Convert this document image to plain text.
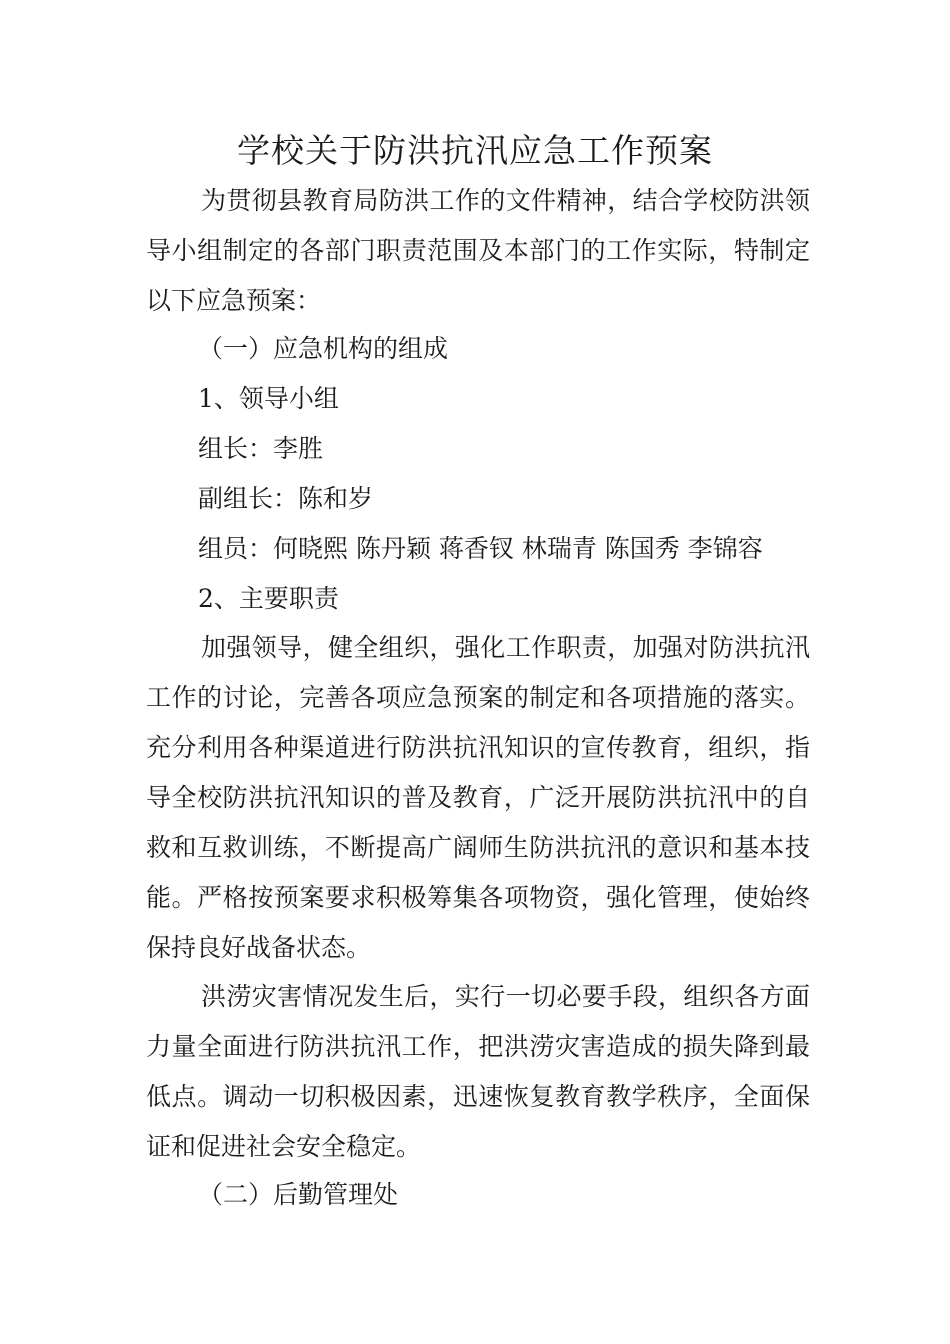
学校关于防洪抗汛应急工作预案

为贯彻县教育局防洪工作的文件精神，结合学校防洪领导小组制定的各部门职责范围及本部门的工作实际，特制定以下应急预案：

（一）应急机构的组成

1、领导小组

组长：李胜

副组长：陈和岁

组员：何晓熙 陈丹颖 蒋香钗 林瑞青 陈国秀 李锦容

2、主要职责

加强领导，健全组织，强化工作职责，加强对防洪抗汛工作的讨论，完善各项应急预案的制定和各项措施的落实。充分利用各种渠道进行防洪抗汛知识的宣传教育，组织，指导全校防洪抗汛知识的普及教育，广泛开展防洪抗汛中的自救和互救训练，不断提高广阔师生防洪抗汛的意识和基本技能。严格按预案要求积极筹集各项物资，强化管理，使始终保持良好战备状态。

洪涝灾害情况发生后，实行一切必要手段，组织各方面力量全面进行防洪抗汛工作，把洪涝灾害造成的损失降到最低点。调动一切积极因素，迅速恢复教育教学秩序，全面保证和促进社会安全稳定。

（二）后勤管理处
